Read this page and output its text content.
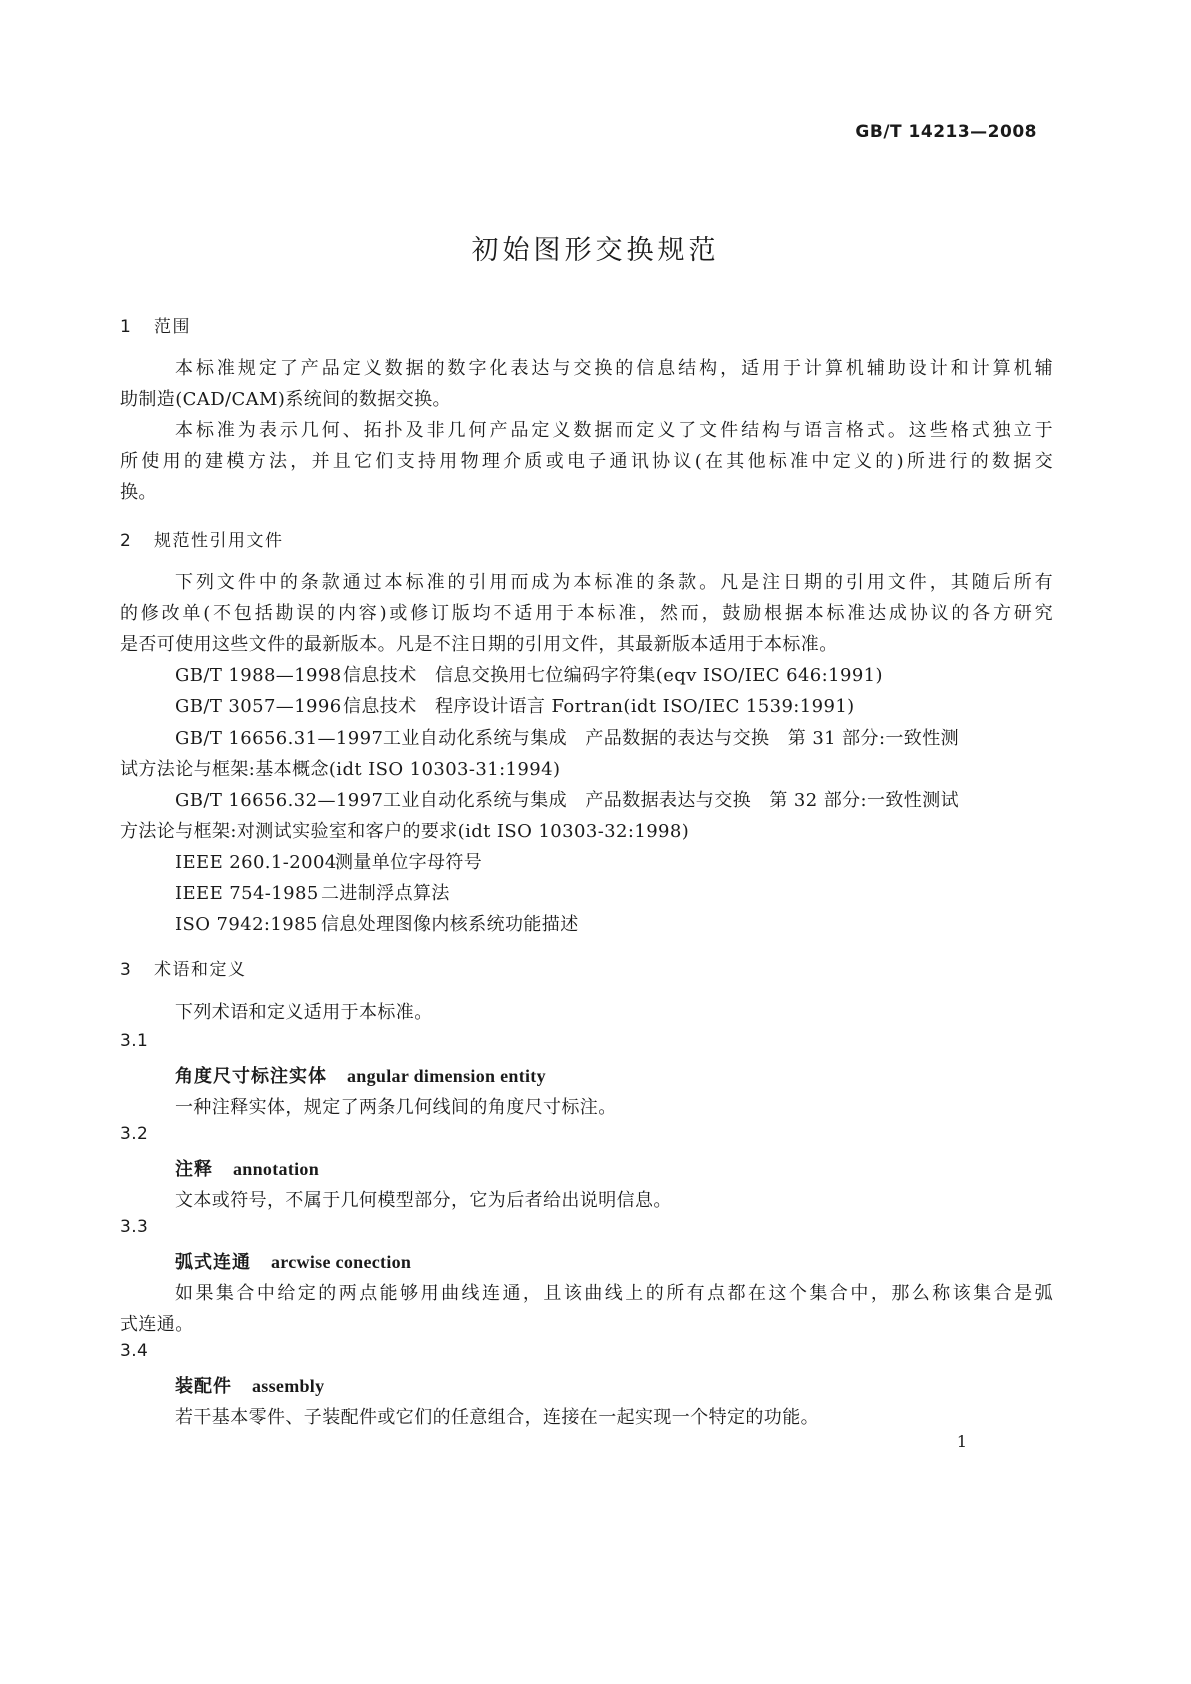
GB/T 14213—2008
初始图形交换规范
1 范围
本标准规定了产品定义数据的数字化表达与交换的信息结构，适用于计算机辅助设计和计算机辅
助制造(CAD/CAM)系统间的数据交换。
本标准为表示几何、拓扑及非几何产品定义数据而定义了文件结构与语言格式。这些格式独立于
所使用的建模方法，并且它们支持用物理介质或电子通讯协议(在其他标准中定义的)所进行的数据交
换。
2 规范性引用文件
下列文件中的条款通过本标准的引用而成为本标准的条款。凡是注日期的引用文件，其随后所有
的修改单(不包括勘误的内容)或修订版均不适用于本标准，然而，鼓励根据本标准达成协议的各方研究
是否可使用这些文件的最新版本。凡是不注日期的引用文件，其最新版本适用于本标准。
GB/T 1988—1998信息技术　信息交换用七位编码字符集(eqv ISO/IEC 646:1991)
GB/T 3057—1996信息技术　程序设计语言 Fortran(idt ISO/IEC 1539:1991)
GB/T 16656.31—1997工业自动化系统与集成　产品数据的表达与交换　第 31 部分:一致性测
试方法论与框架:基本概念(idt ISO 10303-31:1994)
GB/T 16656.32—1997工业自动化系统与集成　产品数据表达与交换　第 32 部分:一致性测试
方法论与框架:对测试实验室和客户的要求(idt ISO 10303-32:1998)
IEEE 260.1-2004测量单位字母符号
IEEE 754-1985 二进制浮点算法
ISO 7942:1985 信息处理图像内核系统功能描述
3 术语和定义
下列术语和定义适用于本标准。
3.1
角度尺寸标注实体 angular dimension entity
一种注释实体，规定了两条几何线间的角度尺寸标注。
3.2
注释 annotation
文本或符号，不属于几何模型部分，它为后者给出说明信息。
3.3
弧式连通 arcwise conection
如果集合中给定的两点能够用曲线连通，且该曲线上的所有点都在这个集合中，那么称该集合是弧
式连通。
3.4
装配件 assembly
若干基本零件、子装配件或它们的任意组合，连接在一起实现一个特定的功能。
1
